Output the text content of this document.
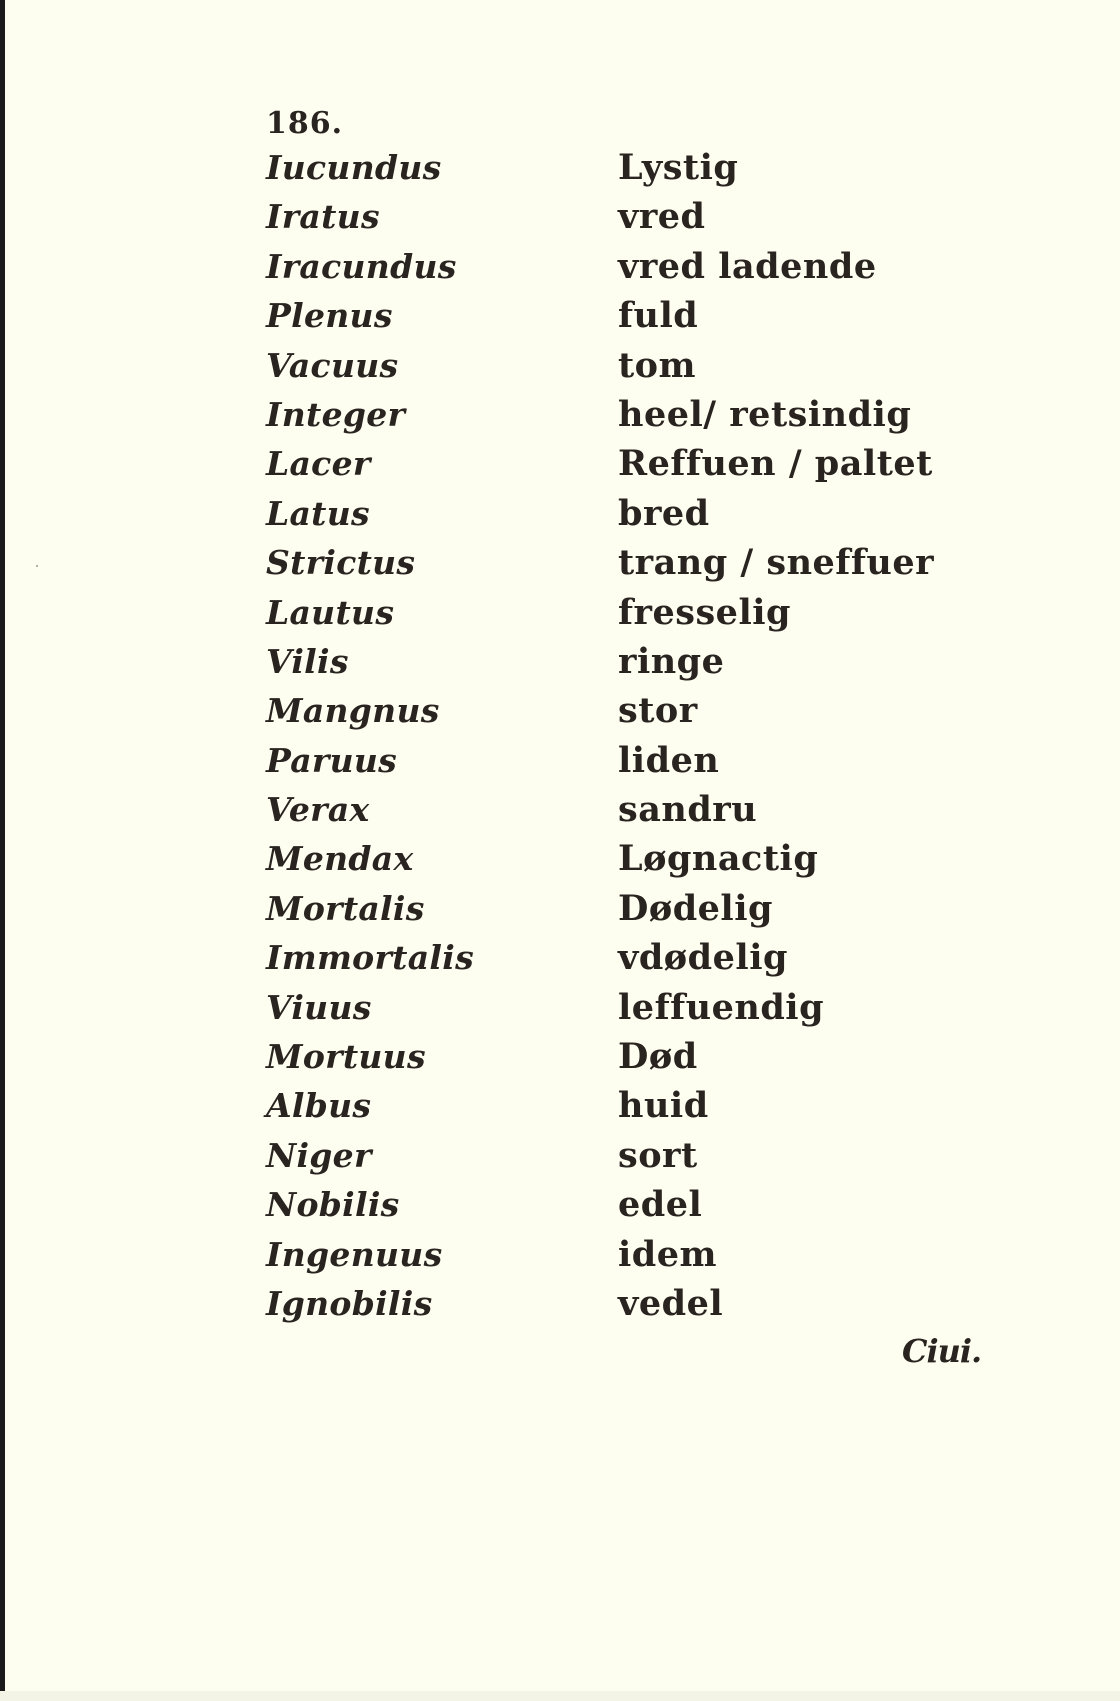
186.
Iucundus	Lystig
Iratus	vred
Iracundus	vred ladende
Plenus	fuld
Vacuus	tom
Integer	heel/ retsindig
Lacer	Reffuen / paltet
Latus	bred
Strictus	trang / sneffuer
Lautus	fresselig
Vilis	ringe
Mangnus	stor
Paruus	liden
Verax	sandru
Mendax	Løgnactig
Mortalis	Dødelig
Immortalis	vdødelig
Viuus	leffuendig
Mortuus	Død
Albus	huid
Niger	sort
Nobilis	edel
Ingenuus	idem
Ignobilis	vedel
Ciui.
